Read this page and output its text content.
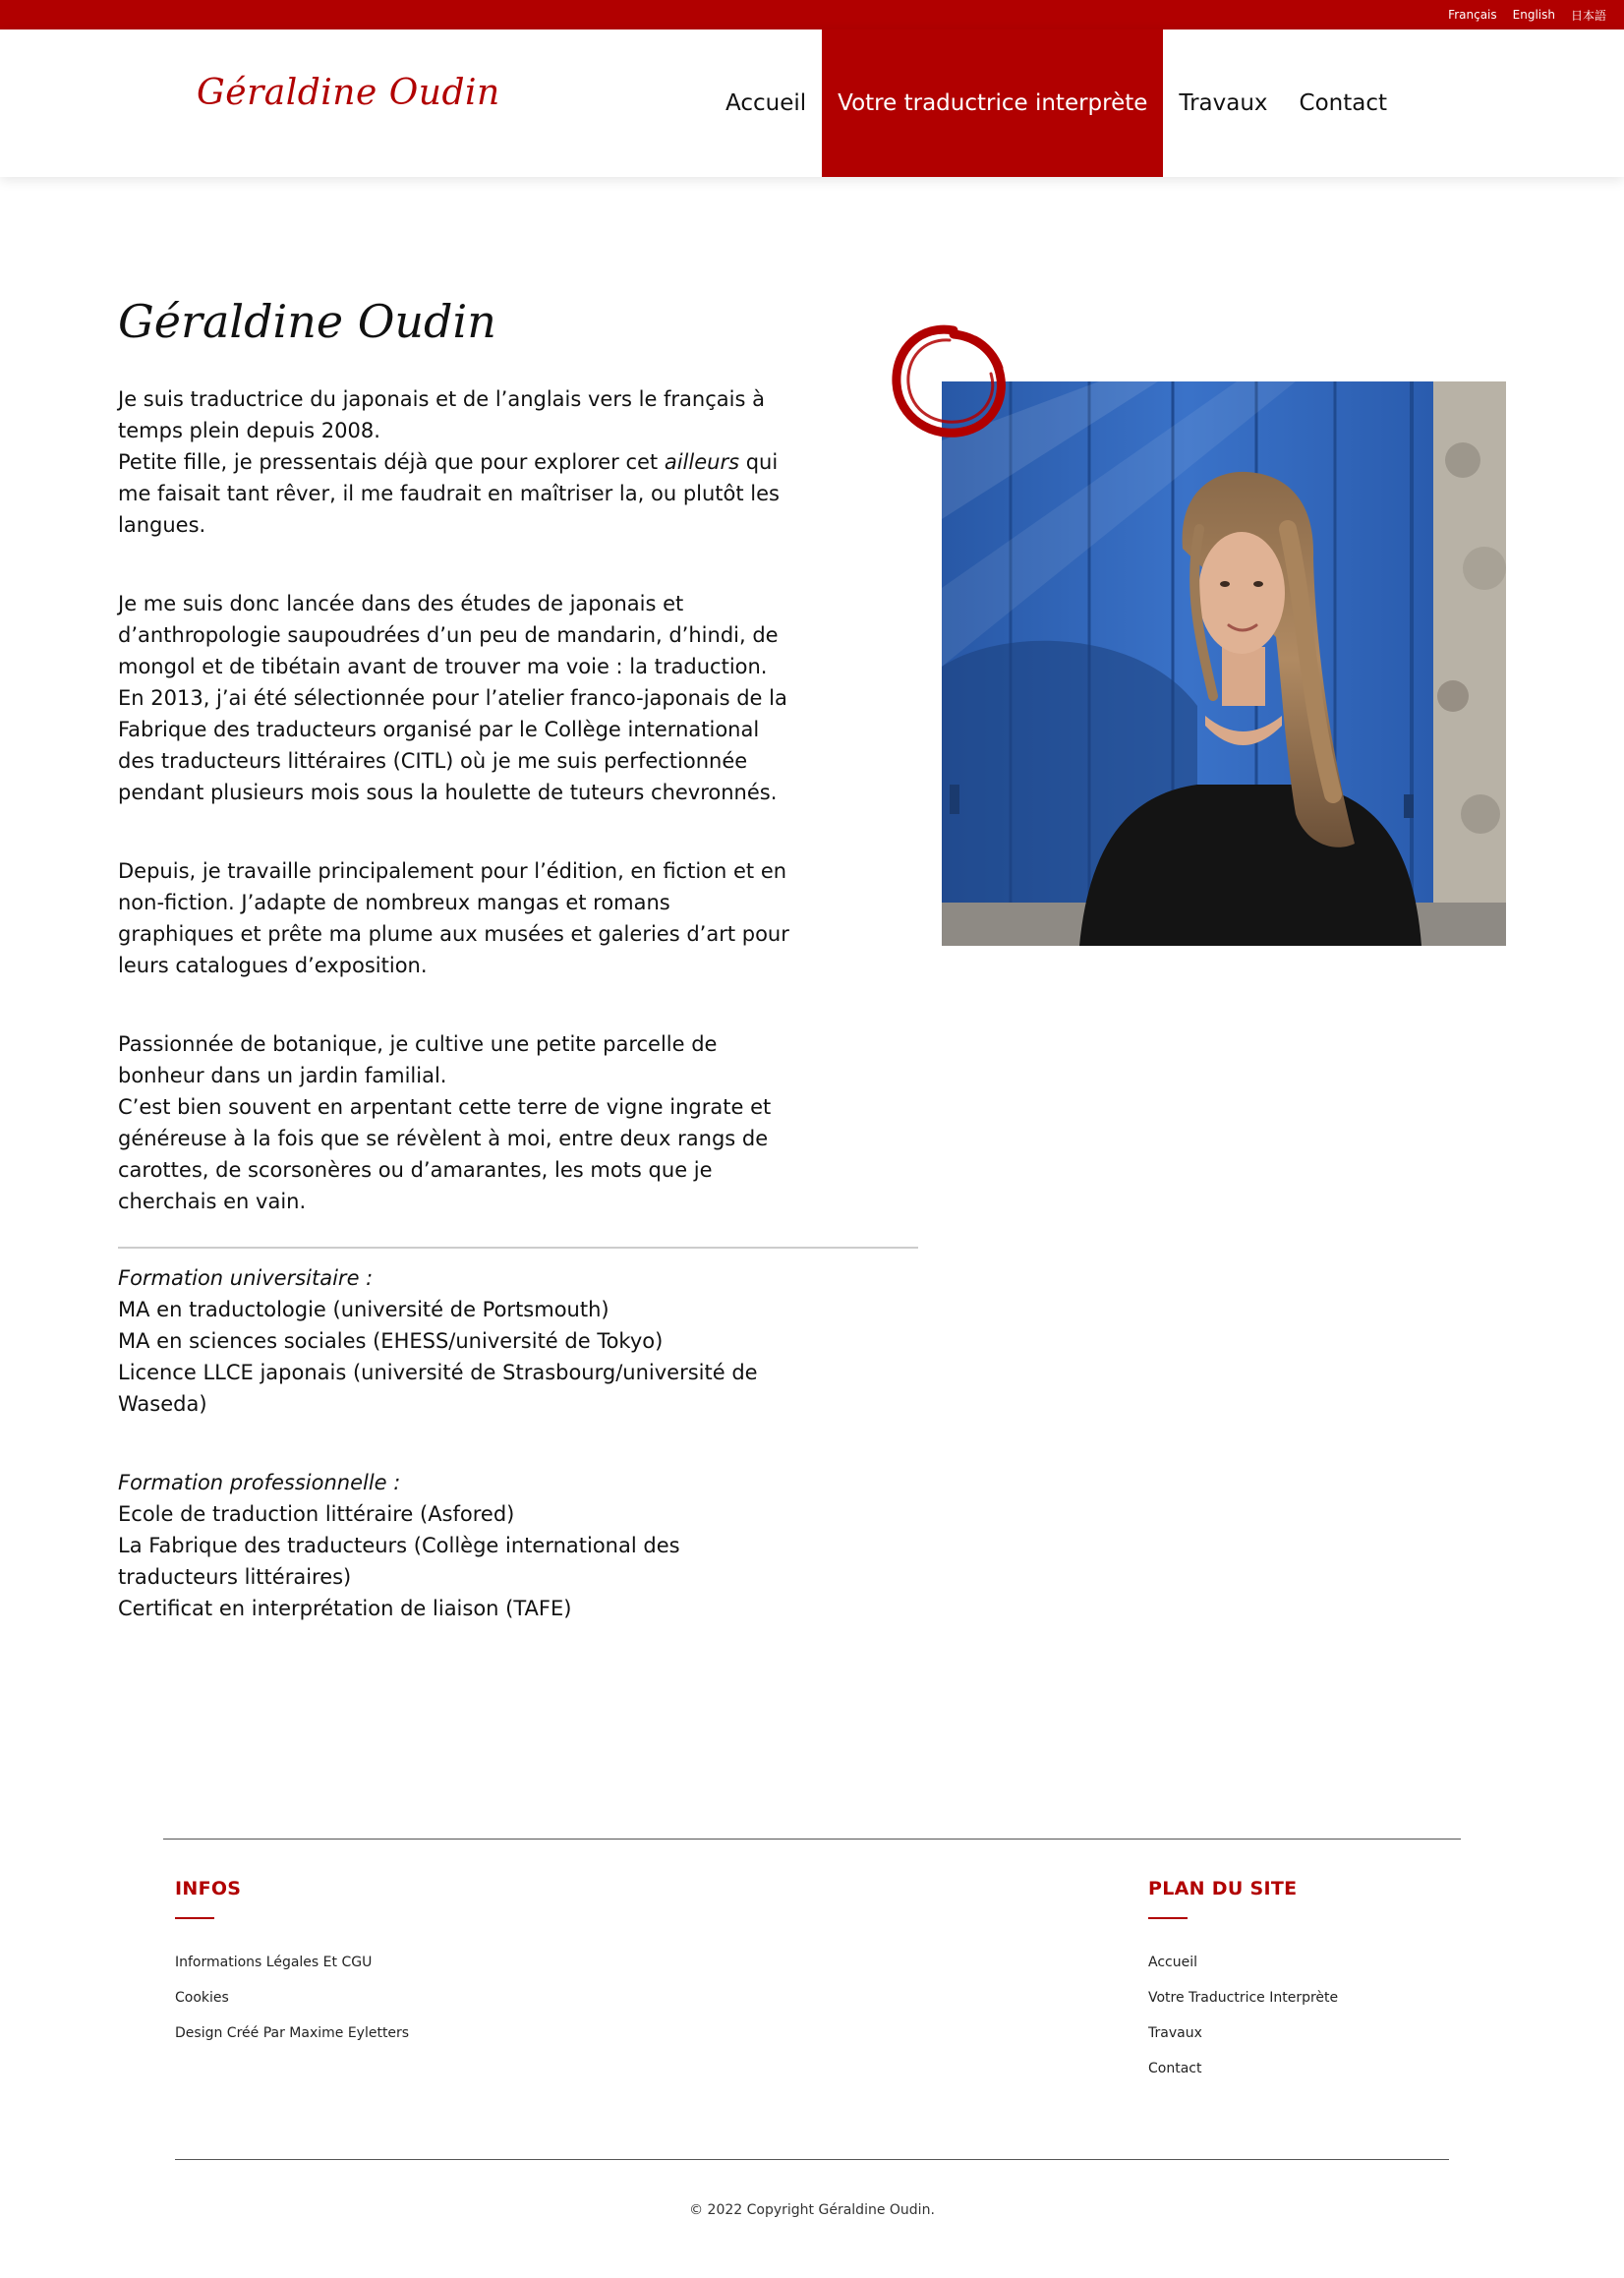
Français English 日本語
Géraldine Oudin	Accueil	Votre traductrice interprète	Travaux	Contact
Géraldine Oudin

Je suis traductrice du japonais et de l’anglais vers le français à
temps plein depuis 2008.
Petite fille, je pressentais déjà que pour explorer cet ailleurs qui
me faisait tant rêver, il me faudrait en maîtriser la, ou plutôt les
langues.

Je me suis donc lancée dans des études de japonais et
d’anthropologie saupoudrées d’un peu de mandarin, d’hindi, de
mongol et de tibétain avant de trouver ma voie : la traduction.
En 2013, j’ai été sélectionnée pour l’atelier franco-japonais de la
Fabrique des traducteurs organisé par le Collège international
des traducteurs littéraires (CITL) où je me suis perfectionnée
pendant plusieurs mois sous la houlette de tuteurs chevronnés.

Depuis, je travaille principalement pour l’édition, en fiction et en
non-fiction. J’adapte de nombreux mangas et romans
graphiques et prête ma plume aux musées et galeries d’art pour
leurs catalogues d’exposition.

Passionnée de botanique, je cultive une petite parcelle de
bonheur dans un jardin familial.
C’est bien souvent en arpentant cette terre de vigne ingrate et
généreuse à la fois que se révèlent à moi, entre deux rangs de
carottes, de scorsonères ou d’amarantes, les mots que je
cherchais en vain.

Formation universitaire :
MA en traductologie (université de Portsmouth)
MA en sciences sociales (EHESS/université de Tokyo)
Licence LLCE japonais (université de Strasbourg/université de
Waseda)
Formation professionnelle :
Ecole de traduction littéraire (Asfored)
La Fabrique des traducteurs (Collège international des
traducteurs littéraires)
Certificat en interprétation de liaison (TAFE)
INFOS
Informations Légales Et CGU
Cookies
Design Créé Par Maxime Eyletters
PLAN DU SITE
Accueil
Votre Traductrice Interprète
Travaux
Contact
© 2022 Copyright Géraldine Oudin.
